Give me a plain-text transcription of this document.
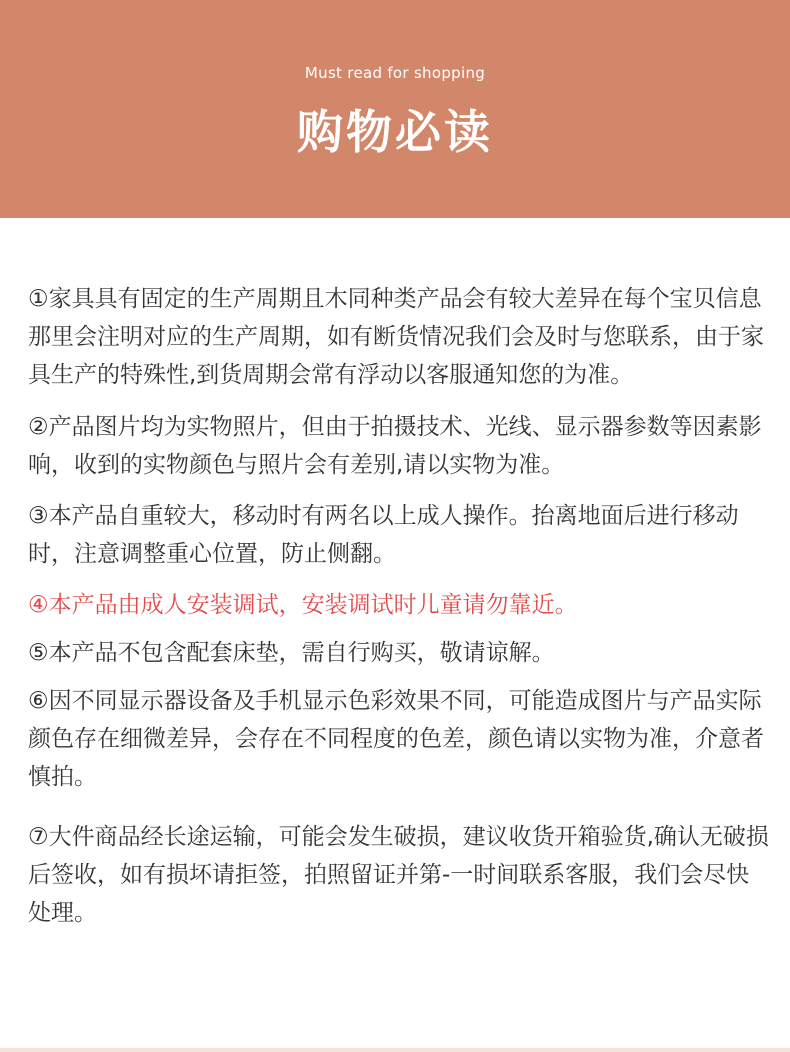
Must read for shopping
购物必读

①家具具有固定的生产周期且木同种类产品会有较大差异在每个宝贝信息那里会注明对应的生产周期，如有断货情况我们会及时与您联系，由于家具生产的特殊性,到货周期会常有浮动以客服通知您的为准。

②产品图片均为实物照片，但由于拍摄技术、光线、显示器参数等因素影响，收到的实物颜色与照片会有差别,请以实物为准。

③本产品自重较大，移动时有两名以上成人操作。抬离地面后进行移动时，注意调整重心位置，防止侧翻。

④本产品由成人安装调试，安装调试时儿童请勿靠近。

⑤本产品不包含配套床垫，需自行购买，敬请谅解。

⑥因不同显示器设备及手机显示色彩效果不同，可能造成图片与产品实际颜色存在细微差异，会存在不同程度的色差，颜色请以实物为准，介意者慎拍。

⑦大件商品经长途运输，可能会发生破损，建议收货开箱验货,确认无破损后签收，如有损坏请拒签，拍照留证并第-一时间联系客服，我们会尽快处理。
